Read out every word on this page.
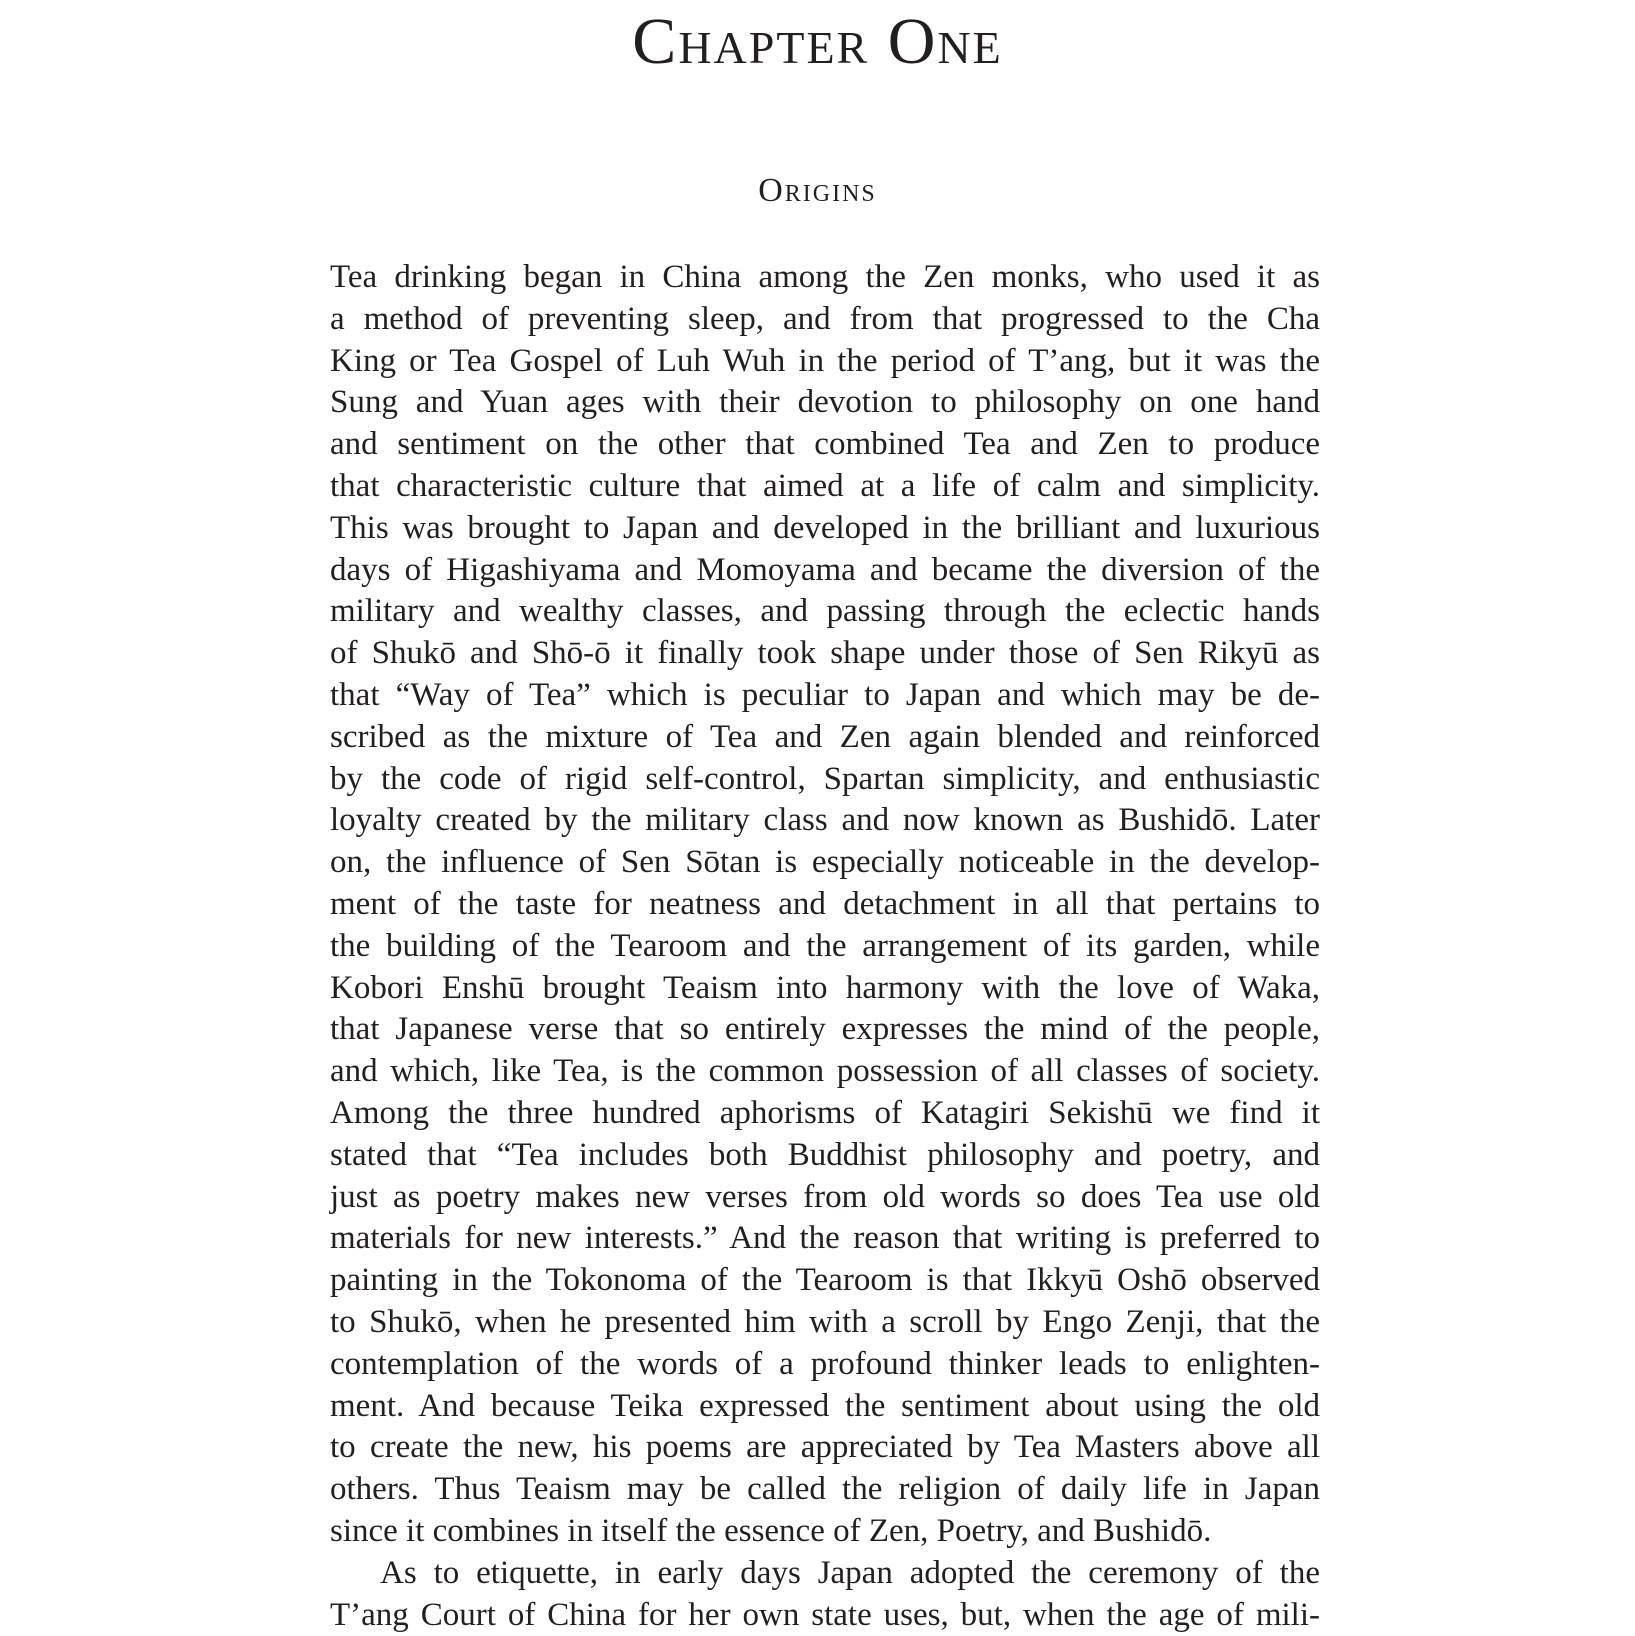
Chapter One
Origins
Tea drinking began in China among the Zen monks, who used it as
a method of preventing sleep, and from that progressed to the Cha
King or Tea Gospel of Luh Wuh in the period of T’ang, but it was the
Sung and Yuan ages with their devotion to philosophy on one hand
and sentiment on the other that combined Tea and Zen to produce
that characteristic culture that aimed at a life of calm and simplicity.
This was brought to Japan and developed in the brilliant and luxurious
days of Higashiyama and Momoyama and became the diversion of the
military and wealthy classes, and passing through the eclectic hands
of Shukō and Shō-ō it finally took shape under those of Sen Rikyū as
that “Way of Tea” which is peculiar to Japan and which may be de-
scribed as the mixture of Tea and Zen again blended and reinforced
by the code of rigid self-control, Spartan simplicity, and enthusiastic
loyalty created by the military class and now known as Bushidō. Later
on, the influence of Sen Sōtan is especially noticeable in the develop-
ment of the taste for neatness and detachment in all that pertains to
the building of the Tearoom and the arrangement of its garden, while
Kobori Enshū brought Teaism into harmony with the love of Waka,
that Japanese verse that so entirely expresses the mind of the people,
and which, like Tea, is the common possession of all classes of society.
Among the three hundred aphorisms of Katagiri Sekishū we find it
stated that “Tea includes both Buddhist philosophy and poetry, and
just as poetry makes new verses from old words so does Tea use old
materials for new interests.” And the reason that writing is preferred to
painting in the Tokonoma of the Tearoom is that Ikkyū Oshō observed
to Shukō, when he presented him with a scroll by Engo Zenji, that the
contemplation of the words of a profound thinker leads to enlighten-
ment. And because Teika expressed the sentiment about using the old
to create the new, his poems are appreciated by Tea Masters above all
others. Thus Teaism may be called the religion of daily life in Japan
since it combines in itself the essence of Zen, Poetry, and Bushidō.
As to etiquette, in early days Japan adopted the ceremony of the
T’ang Court of China for her own state uses, but, when the age of mili-
